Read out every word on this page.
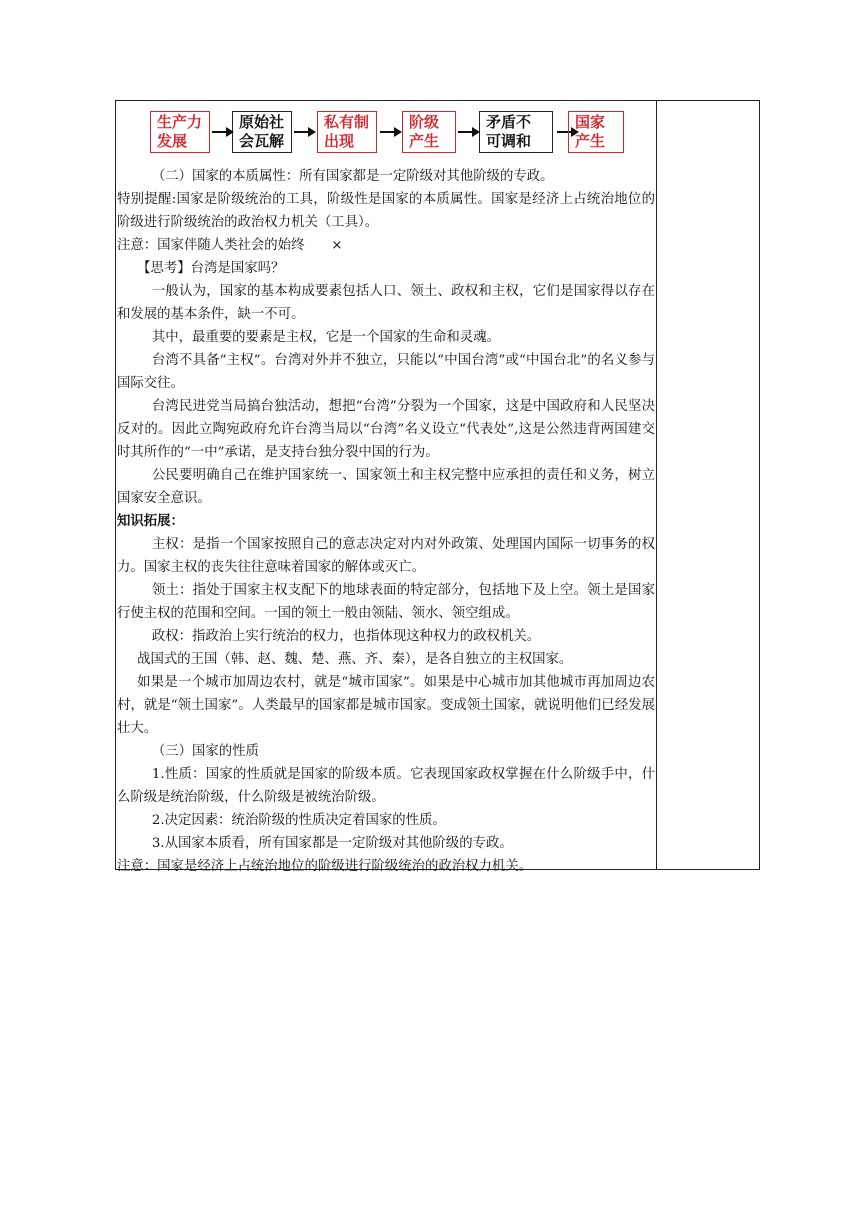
生产力
发展
原始社
会瓦解
私有制
出现
阶级
产生
矛盾不
可调和
国家
产生

（二）国家的本质属性：所有国家都是一定阶级对其他阶级的专政。

特别提醒:国家是阶级统治的工具，阶级性是国家的本质属性。国家是经济上占统治地位的阶级进行阶级统治的政治权力机关（工具）。

注意：国家伴随人类社会的始终　　×

【思考】台湾是国家吗？

一般认为，国家的基本构成要素包括人口、领土、政权和主权，它们是国家得以存在和发展的基本条件，缺一不可。

其中，最重要的要素是主权，它是一个国家的生命和灵魂。

台湾不具备“主权”。台湾对外并不独立，只能以“中国台湾”或“中国台北”的名义参与国际交往。

台湾民进党当局搞台独活动，想把“台湾”分裂为一个国家，这是中国政府和人民坚决反对的。因此立陶宛政府允许台湾当局以“台湾”名义设立“代表处”,这是公然违背两国建交时其所作的“一中”承诺，是支持台独分裂中国的行为。

公民要明确自己在维护国家统一、国家领土和主权完整中应承担的责任和义务，树立国家安全意识。

知识拓展：

主权：是指一个国家按照自己的意志决定对内对外政策、处理国内国际一切事务的权力。国家主权的丧失往往意味着国家的解体或灭亡。

领土：指处于国家主权支配下的地球表面的特定部分，包括地下及上空。领土是国家行使主权的范围和空间。一国的领土一般由领陆、领水、领空组成。

政权：指政治上实行统治的权力，也指体现这种权力的政权机关。

战国式的王国（韩、赵、魏、楚、燕、齐、秦），是各自独立的主权国家。

如果是一个城市加周边农村，就是“城市国家”。如果是中心城市加其他城市再加周边农村，就是“领土国家”。人类最早的国家都是城市国家。变成领土国家，就说明他们已经发展壮大。

（三）国家的性质

1.性质：国家的性质就是国家的阶级本质。它表现国家政权掌握在什么阶级手中，什么阶级是统治阶级，什么阶级是被统治阶级。

2.决定因素：统治阶级的性质决定着国家的性质。

3.从国家本质看，所有国家都是一定阶级对其他阶级的专政。

注意：国家是经济上占统治地位的阶级进行阶级统治的政治权力机关。
